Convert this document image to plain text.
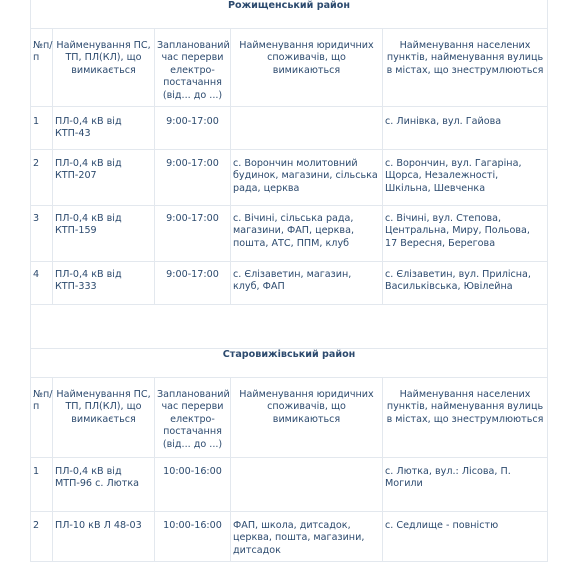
Рожищенський район				
№п/п	Найменування ПС, ТП, ПЛ(КЛ), що вимикається	Запланований час перерви електро-постачання (від... до ...)	Найменування юридичних споживачів, що вимикаються	Найменування населених пунктів, найменування вулиць в містах, що знеструмлюються
1	ПЛ-0,4 кВ від КТП-43	9:00-17:00		с. Линівка, вул. Гайова
2	ПЛ-0,4 кВ від КТП-207	9:00-17:00	с. Ворончин молитовний будинок, магазини, сільська рада, церква	с. Ворончин, вул. Гагаріна, Щорса, Незалежності, Шкільна, Шевченка
3	ПЛ-0,4 кВ від КТП-159	9:00-17:00	с. Вічині, сільська рада, магазини, ФАП, церква, пошта, АТС, ППМ, клуб	с. Вічині, вул. Степова, Центральна, Миру, Польова, 17 Вересня, Берегова
4	ПЛ-0,4 кВ від КТП-333	9:00-17:00	с. Єлізаветин, магазин, клуб, ФАП	с. Єлізаветин, вул. Прилісна, Васильківська, Ювілейна

Старовижівський район				
№п/п	Найменування ПС, ТП, ПЛ(КЛ), що вимикається	Запланований час перерви електро-постачання (від... до ...)	Найменування юридичних споживачів, що вимикаються	Найменування населених пунктів, найменування вулиць в містах, що знеструмлюються
1	ПЛ-0,4 кВ від МТП-96 с. Лютка	10:00-16:00		с. Лютка, вул.: Лісова, П. Могили
2	ПЛ-10 кВ Л 48-03	10:00-16:00	ФАП, школа, дитсадок, церква, пошта, магазини, дитсадок	с. Седлище - повністю
